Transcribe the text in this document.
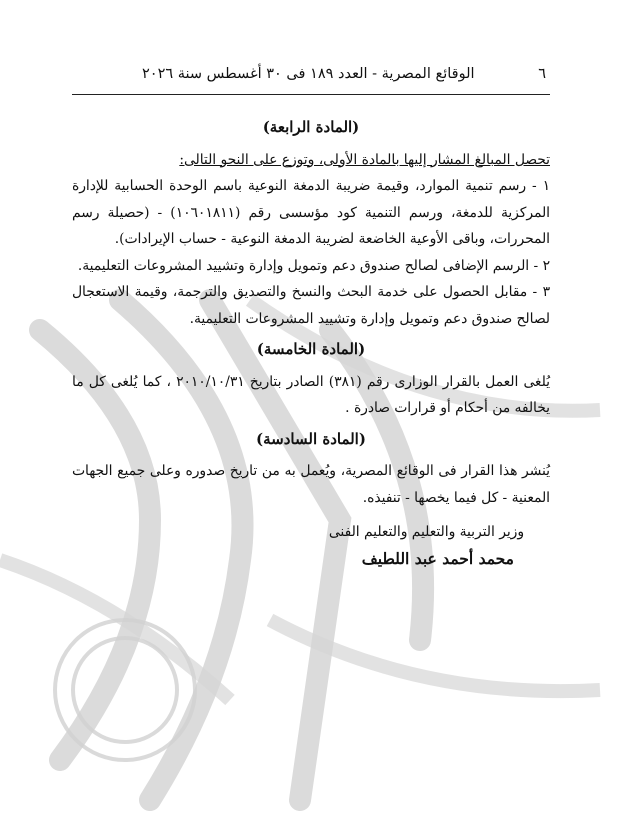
٦
الوقائع المصرية - العدد ١٨٩ فى ٣٠ أغسطس سنة ٢٠٢٦
(المادة الرابعة)

تحصل المبالغ المشار إليها بالمادة الأولى، وتوزع على النحو التالى:

١ - رسم تنمية الموارد، وقيمة ضريبة الدمغة النوعية باسم الوحدة الحسابية للإدارة المركزية للدمغة، ورسم التنمية كود مؤسسى رقم (١٠٦٠١٨١١) - (حصيلة رسم المحررات، وباقى الأوعية الخاضعة لضريبة الدمغة النوعية - حساب الإيرادات).

٢ - الرسم الإضافى لصالح صندوق دعم وتمويل وإدارة وتشييد المشروعات التعليمية.

٣ - مقابل الحصول على خدمة البحث والنسخ والتصديق والترجمة، وقيمة الاستعجال لصالح صندوق دعم وتمويل وإدارة وتشييد المشروعات التعليمية.

(المادة الخامسة)

يُلغى العمل بالقرار الوزارى رقم (٣٨١) الصادر بتاريخ ٢٠١٠/١٠/٣١ ، كما يُلغى كل ما يخالفه من أحكام أو قرارات صادرة .

(المادة السادسة)

يُنشر هذا القرار فى الوقائع المصرية، ويُعمل به من تاريخ صدوره وعلى جميع الجهات المعنية - كل فيما يخصها - تنفيذه.

وزير التربية والتعليم والتعليم الفنى
محمد أحمد عبد اللطيف
